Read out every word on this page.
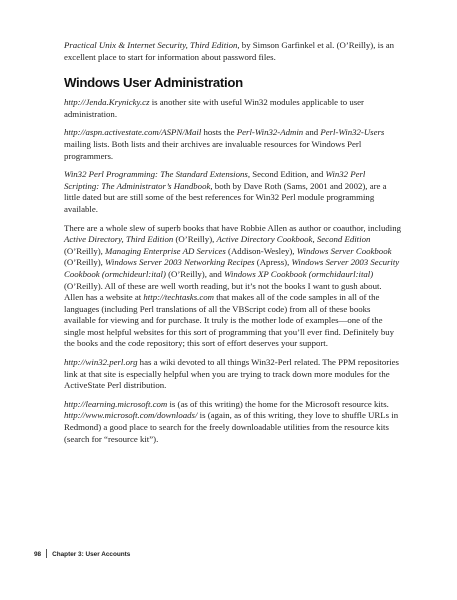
Practical Unix & Internet Security, Third Edition, by Simson Garfinkel et al. (O’Reilly), is an excellent place to start for information about password files.

Windows User Administration

http://Jenda.Krynicky.cz is another site with useful Win32 modules applicable to user administration.

http://aspn.activestate.com/ASPN/Mail hosts the Perl-Win32-Admin and Perl-Win32-Users mailing lists. Both lists and their archives are invaluable resources for Windows Perl programmers.

Win32 Perl Programming: The Standard Extensions, Second Edition, and Win32 Perl Scripting: The Administrator’s Handbook, both by Dave Roth (Sams, 2001 and 2002), are a little dated but are still some of the best references for Win32 Perl module programming available.

There are a whole slew of superb books that have Robbie Allen as author or coauthor, including Active Directory, Third Edition (O’Reilly), Active Directory Cookbook, Second Edition (O’Reilly), Managing Enterprise AD Services (Addison-Wesley), Windows Server Cookbook (O’Reilly), Windows Server 2003 Networking Recipes (Apress), Windows Server 2003 Security Cookbook (ormchideurl:ital) (O’Reilly), and Windows XP Cookbook (ormchidaurl:ital) (O’Reilly). All of these are well worth reading, but it’s not the books I want to gush about. Allen has a website at http://techtasks.com that makes all of the code samples in all of the languages (including Perl translations of all the VBScript code) from all of these books available for viewing and for purchase. It truly is the mother lode of examples—one of the single most helpful websites for this sort of programming that you’ll ever find. Definitely buy the books and the code repository; this sort of effort deserves your support.

http://win32.perl.org has a wiki devoted to all things Win32-Perl related. The PPM repositories link at that site is especially helpful when you are trying to track down more modules for the ActiveState Perl distribution.

http://learning.microsoft.com is (as of this writing) the home for the Microsoft resource kits. http://www.microsoft.com/downloads/ is (again, as of this writing, they love to shuffle URLs in Redmond) a good place to search for the freely downloadable utilities from the resource kits (search for “resource kit”).

98 Chapter 3: User Accounts
